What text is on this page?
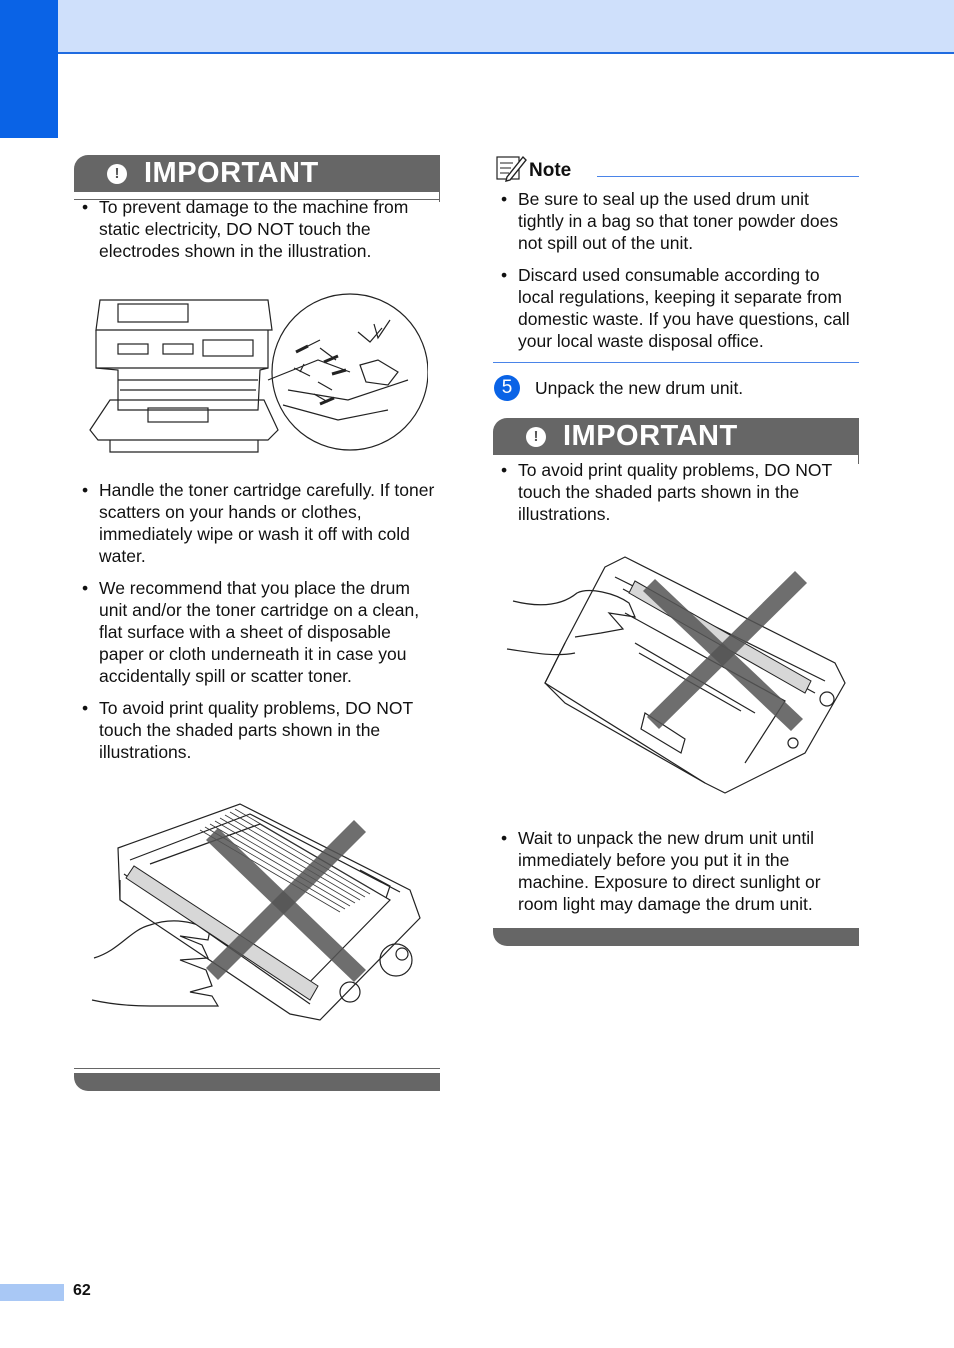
! IMPORTANT
• To prevent damage to the machine from static electricity, DO NOT touch the electrodes shown in the illustration.
• Handle the toner cartridge carefully. If toner scatters on your hands or clothes, immediately wipe or wash it off with cold water.
• We recommend that you place the drum unit and/or the toner cartridge on a clean, flat surface with a sheet of disposable paper or cloth underneath it in case you accidentally spill or scatter toner.
• To avoid print quality problems, DO NOT touch the shaded parts shown in the illustrations.
Note
• Be sure to seal up the used drum unit tightly in a bag so that toner powder does not spill out of the unit.
• Discard used consumable according to local regulations, keeping it separate from domestic waste. If you have questions, call your local waste disposal office.
5	Unpack the new drum unit.
! IMPORTANT
• To avoid print quality problems, DO NOT touch the shaded parts shown in the illustrations.
• Wait to unpack the new drum unit until immediately before you put it in the machine. Exposure to direct sunlight or room light may damage the drum unit.
62
